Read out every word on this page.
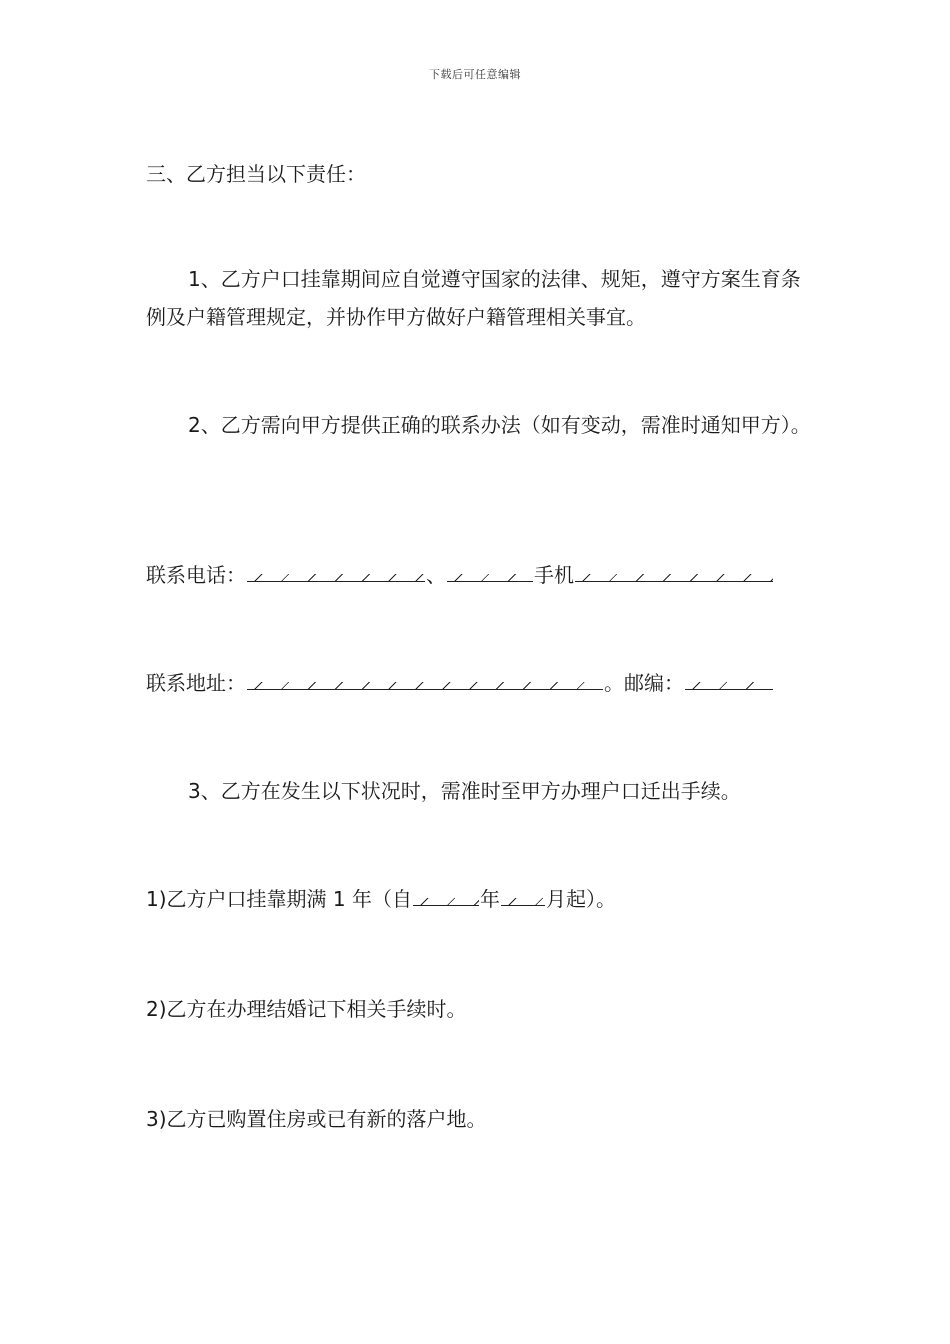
下载后可任意编辑
三、乙方担当以下责任：
1、乙方户口挂靠期间应自觉遵守国家的法律、规矩，遵守方案生育条例及户籍管理规定，并协作甲方做好户籍管理相关事宜。
2、乙方需向甲方提供正确的联系办法（如有变动，需准时通知甲方）。
联系电话：	、	手机
联系地址：	。邮编：
3、乙方在发生以下状况时，需准时至甲方办理户口迁出手续。
1)乙方户口挂靠期满 1 年（自	年 月起）。
2)乙方在办理结婚记下相关手续时。
3)乙方已购置住房或已有新的落户地。
